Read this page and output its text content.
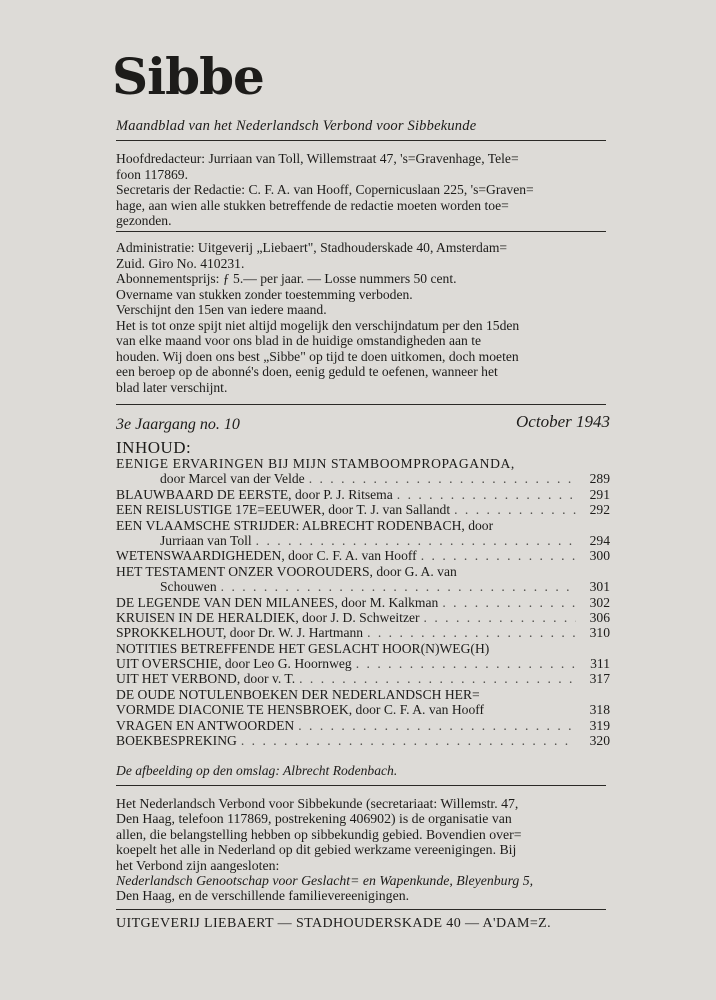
Sibbe
Maandblad van het Nederlandsch Verbond voor Sibbekunde

Hoofdredacteur: Jurriaan van Toll, Willemstraat 47, 's=Gravenhage, Tele=

foon 117869.

Secretaris der Redactie: C. F. A. van Hooff, Copernicuslaan 225, 's=Graven=

hage, aan wien alle stukken betreffende de redactie moeten worden toe=

gezonden.

Administratie: Uitgeverij „Liebaert", Stadhouderskade 40, Amsterdam=

Zuid. Giro No. 410231.

Abonnementsprijs: ƒ 5.— per jaar. — Losse nummers 50 cent.

Overname van stukken zonder toestemming verboden.

Verschijnt den 15en van iedere maand.

Het is tot onze spijt niet altijd mogelijk den verschijndatum per den 15den

van elke maand voor ons blad in de huidige omstandigheden aan te

houden. Wij doen ons best „Sibbe" op tijd te doen uitkomen, doch moeten

een beroep op de abonné's doen, eenig geduld te oefenen, wanneer het

blad later verschijnt.

3e Jaargang no. 10	October 1943
INHOUD:
EENIGE ERVARINGEN BIJ MIJN STAMBOOMPROPAGANDA,
door Marcel van der Velde . . .	289
BLAUWBAARD DE EERSTE, door P. J. Ritsema . . .	291
EEN REISLUSTIGE 17E=EEUWER, door T. J. van Sallandt . . .	292
EEN VLAAMSCHE STRIJDER: ALBRECHT RODENBACH, door
Jurriaan van Toll . . .	294
WETENSWAARDIGHEDEN, door C. F. A. van Hooff . . .	300
HET TESTAMENT ONZER VOOROUDERS, door G. A. van
Schouwen . . .	301
DE LEGENDE VAN DEN MILANEES, door M. Kalkman . . .	302
KRUISEN IN DE HERALDIEK, door J. D. Schweitzer . . .	306
SPROKKELHOUT, door Dr. W. J. Hartmann . . .	310
NOTITIES BETREFFENDE HET GESLACHT HOOR(N)WEG(H)
UIT OVERSCHIE, door Leo G. Hoornweg . . .	311
UIT HET VERBOND, door v. T. . . .	317
DE OUDE NOTULENBOEKEN DER NEDERLANDSCH HER=
VORMDE DIACONIE TE HENSBROEK, door C. F. A. van Hooff	318
VRAGEN EN ANTWOORDEN . . .	319
BOEKBESPREKING . . .	320
De afbeelding op den omslag: Albrecht Rodenbach.

Het Nederlandsch Verbond voor Sibbekunde (secretariaat: Willemstr. 47,

Den Haag, telefoon 117869, postrekening 406902) is de organisatie van

allen, die belangstelling hebben op sibbekundig gebied. Bovendien over=

koepelt het alle in Nederland op dit gebied werkzame vereenigingen. Bij

het Verbond zijn aangesloten:

Nederlandsch Genootschap voor Geslacht= en Wapenkunde, Bleyenburg 5,

Den Haag, en de verschillende familievereenigingen.

UITGEVERIJ LIEBAERT — STADHOUDERSKADE 40 — A'DAM=Z.
